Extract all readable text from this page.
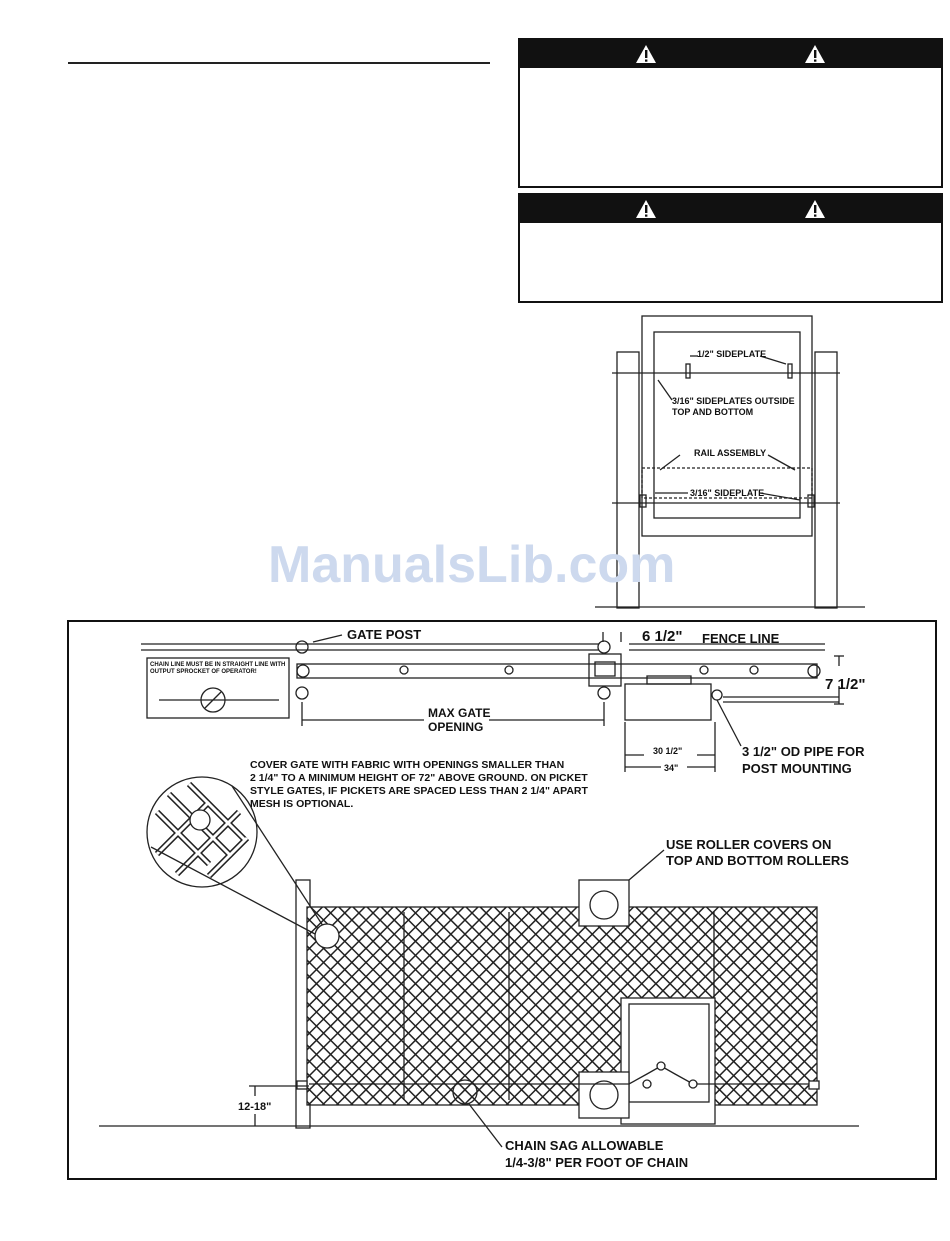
1/2" SIDEPLATE
3/16" SIDEPLATES OUTSIDE
TOP AND BOTTOM
RAIL ASSEMBLY
3/16" SIDEPLATE
ManualsLib.com
GATE POST	6 1/2" FENCE LINE
7 1/2"
CHAIN LINE MUST BE IN STRAIGHT LINE WITH OUTPUT SPROCKET OF OPERATOR!
MAX GATE
OPENING
30 1/2"
34"
3 1/2" OD PIPE FOR
POST MOUNTING
COVER GATE WITH FABRIC WITH OPENINGS SMALLER THAN
2 1/4" TO A MINIMUM HEIGHT OF 72" ABOVE GROUND. ON PICKET
STYLE GATES, IF PICKETS ARE SPACED LESS THAN 2 1/4" APART
MESH IS OPTIONAL.
USE ROLLER COVERS ON
TOP AND BOTTOM ROLLERS
12-18"
CHAIN SAG ALLOWABLE
1/4-3/8" PER FOOT OF CHAIN
